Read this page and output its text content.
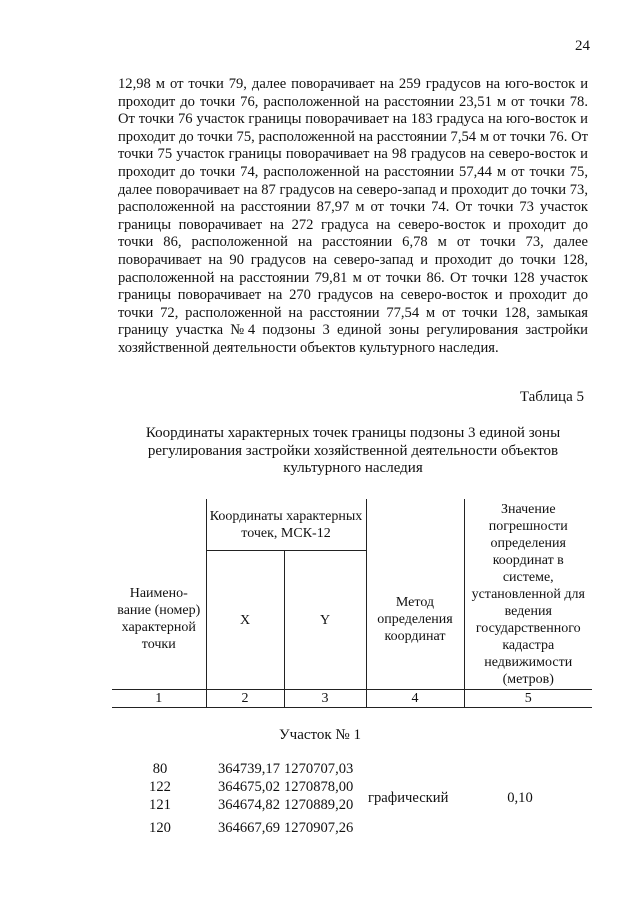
24
12,98 м от точки 79, далее поворачивает на 259 градусов на юго-восток и проходит до точки 76, расположенной на расстоянии 23,51 м от точки 78. От точки 76 участок границы поворачивает на 183 градуса на юго-восток и проходит до точки 75, расположенной на расстоянии 7,54 м от точки 76. От точки 75 участок границы поворачивает на 98 градусов на северо-восток и проходит до точки 74, расположенной на расстоянии 57,44 м от точки 75, далее поворачивает на 87 градусов на северо-запад и проходит до точки 73, расположенной на расстоянии 87,97 м от точки 74. От точки 73 участок границы поворачивает на 272 градуса на северо-восток и проходит до точки 86, расположенной на расстоянии 6,78 м от точки 73, далее поворачивает на 90 градусов на северо-запад и проходит до точки 128, расположенной на расстоянии 79,81 м от точки 86. От точки 128 участок границы поворачивает на 270 градусов на северо-восток и проходит до точки 72, расположенной на расстоянии 77,54 м от точки 128, замыкая границу участка №4 подзоны 3 единой зоны регулирования застройки хозяйственной деятельности объектов культурного наследия.
Таблица 5
Координаты характерных точек границы подзоны 3 единой зоны регулирования застройки хозяйственной деятельности объектов культурного наследия
Наимено-вание (номер) характерной точки	Координаты характерных точек, МСК-12		Метод определения координат	Значение погрешности определения координат в системе, установленной для ведения государственного кадастра недвижимости (метров)
	X	Y		
1	2	3	4	5
Участок № 1
80	364739,17 1270707,03
122	364675,02 1270878,00
121	364674,82 1270889,20
120	364667,69 1270907,26
графический	0,10
